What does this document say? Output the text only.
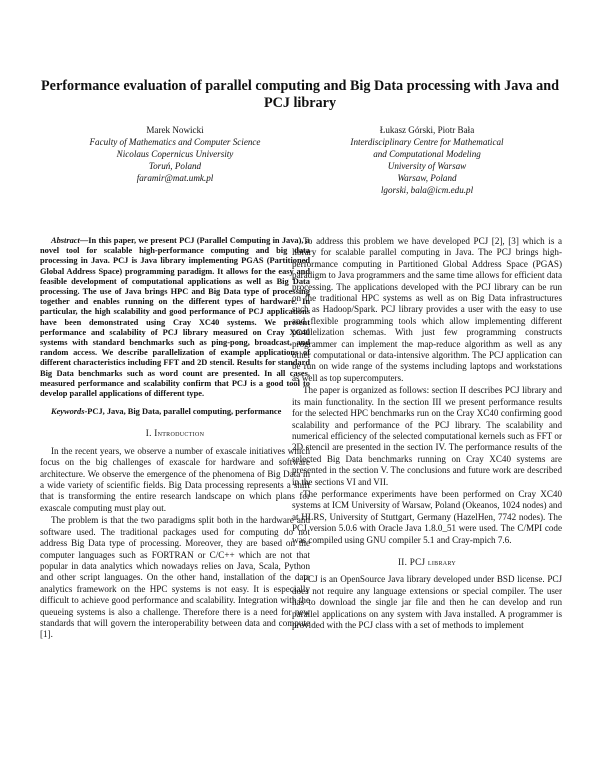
Performance evaluation of parallel computing and Big Data processing with Java and PCJ library
Marek Nowicki
Faculty of Mathematics and Computer Science
Nicolaus Copernicus University
Toruń, Poland
faramir@mat.umk.pl
Łukasz Górski, Piotr Bała
Interdisciplinary Centre for Mathematical
and Computational Modeling
University of Warsaw
Warsaw, Poland
lgorski, bala@icm.edu.pl

Abstract—In this paper, we present PCJ (Parallel Computing in Java), a novel tool for scalable high-performance computing and big data processing in Java. PCJ is Java library implementing PGAS (Partitioned Global Address Space) programming paradigm. It allows for the easy and feasible development of computational applications as well as Big Data processing. The use of Java brings HPC and Big Data type of processing together and enables running on the different types of hardware. In particular, the high scalability and good performance of PCJ applications have been demonstrated using Cray XC40 systems. We present performance and scalability of PCJ library measured on Cray XC40 systems with standard benchmarks such as ping-pong, broadcast, and random access. We describe parallelization of example applications of different characteristics including FFT and 2D stencil. Results for standard Big Data benchmarks such as word count are presented. In all cases, measured performance and scalability confirm that PCJ is a good tool to develop parallel applications of different type.

Keywords-PCJ, Java, Big Data, parallel computing, performance

I. Introduction

In the recent years, we observe a number of exascale initiatives which focus on the big challenges of exascale for hardware and software architecture. We observe the emergence of the phenomena of Big Data in a wide variety of scientific fields. Big Data processing represents a shift that is transforming the entire research landscape on which plans for exascale computing must play out.

The problem is that the two paradigms split both in the hardware and software used. The traditional packages used for computing do not address Big Data type of processing. Moreover, they are based on the computer languages such as FORTRAN or C/C++ which are not that popular in data analytics which nowadays relies on Java, Scala, Python and other script languages. On the other hand, installation of the data analytics framework on the HPC systems is not easy. It is especially difficult to achieve good performance and scalability. Integration with the queueing systems is also a challenge. Therefore there is a need for new standards that will govern the interoperability between data and compute [1].

To address this problem we have developed PCJ [2], [3] which is a library for scalable parallel computing in Java. The PCJ brings high-performance computing in Partitioned Global Address Space (PGAS) paradigm to Java programmers and the same time allows for efficient data processing. The applications developed with the PCJ library can be run on the traditional HPC systems as well as on Big Data infrastructures such as Hadoop/Spark. PCJ library provides a user with the easy to use and flexible programming tools which allow implementing different parallelization schemas. With just few programming constructs programmer can implement the map-reduce algorithm as well as any other computational or data-intensive algorithm. The PCJ application can be run on wide range of the systems including laptops and workstations as well as top supercomputers.

The paper is organized as follows: section II describes PCJ library and its main functionality. In the section III we present performance results for the selected HPC benchmarks run on the Cray XC40 confirming good scalability and performance of the PCJ library. The scalability and numerical efficiency of the selected computational kernels such as FFT or 2D stencil are presented in the section IV. The performance results of the selected Big Data benchmarks running on Cray XC40 systems are presented in the section V. The conclusions and future work are described in the sections VI and VII.

The performance experiments have been performed on Cray XC40 systems at ICM University of Warsaw, Poland (Okeanos, 1024 nodes) and at HLRS, University of Stuttgart, Germany (HazelHen, 7742 nodes). The PCJ version 5.0.6 with Oracle Java 1.8.0_51 were used. The C/MPI code was compiled using GNU compiler 5.1 and Cray-mpich 7.6.

II. PCJ library

PCJ is an OpenSource Java library developed under BSD license. PCJ does not require any language extensions or special compiler. The user has to download the single jar file and then he can develop and run parallel applications on any system with Java installed. A programmer is provided with the PCJ class with a set of methods to implement
